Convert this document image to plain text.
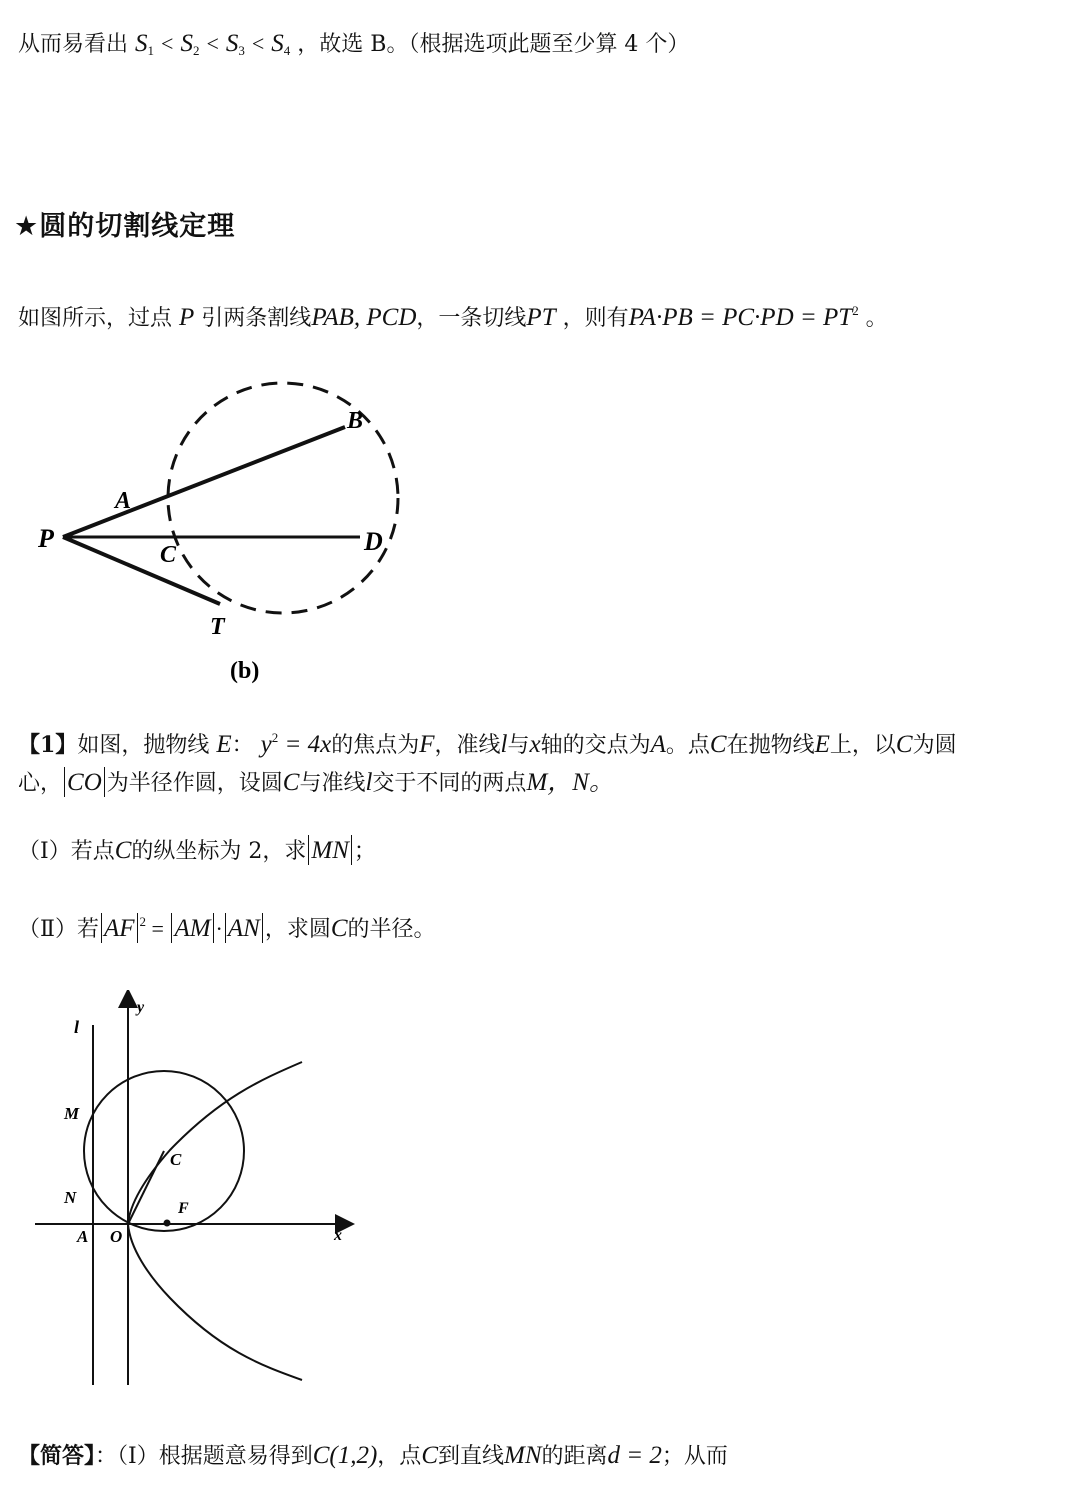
从而易看出 $S_1 < S_2 < S_3 < S_4$ ，故选 B。（根据选项此题至少算 4 个）
★圆的切割线定理
如图所示，过点 P 引两条割线PAB, PCD，一条切线PT ，则有$PA\cdot PB = PC\cdot PD = PT^2$ 。
P
A
B
C	D
T
(b)
【1】如图，抛物线 E： $y^2 = 4x$的焦点为F，准线l与x轴的交点为A。点C在抛物线E上，以C为圆
心， CO 为半径作圆，设圆C与准线l交于不同的两点M，N。
（Ⅰ）若点C的纵坐标为 2，求 MN ；
（Ⅱ）若 AF $^2$ = AM · AN ，求圆C的半径。
l
y
M
N
C
F
A O	x
【简答】：（Ⅰ）根据题意易得到C(1,2)，点C到直线MN的距离d = 2；从而
